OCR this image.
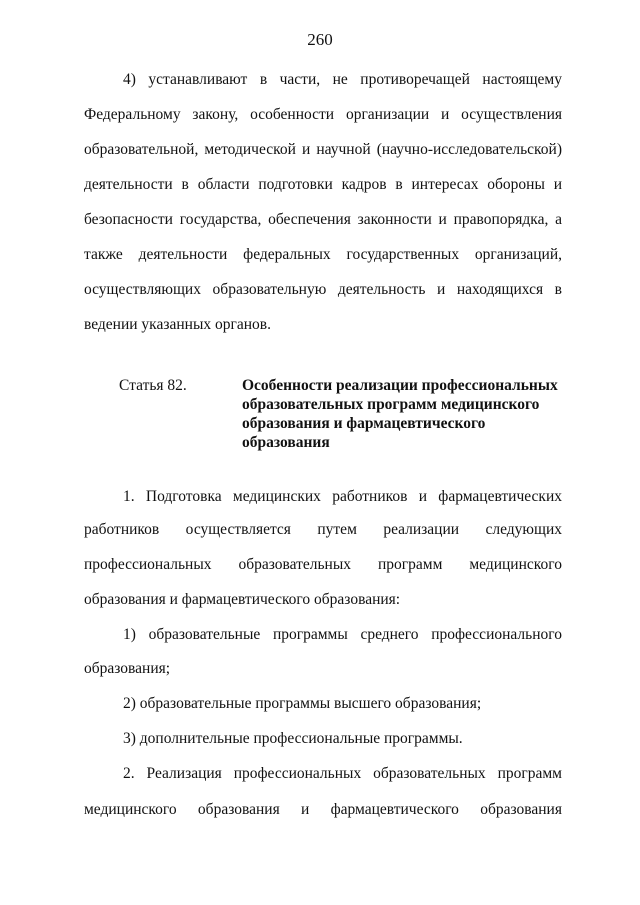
260
4) устанавливают в части, не противоречащей настоящему
Федеральному закону, особенности организации и осуществления
образовательной, методической и научной (научно-исследовательской)
деятельности в области подготовки кадров в интересах обороны и
безопасности государства, обеспечения законности и правопорядка, а
также деятельности федеральных государственных организаций,
осуществляющих образовательную деятельность и находящихся в
ведении указанных органов.
Статья 82.	Особенности реализации профессиональных
образовательных программ медицинского
образования и фармацевтического
образования
1. Подготовка медицинских работников и фармацевтических
работников осуществляется путем реализации следующих
профессиональных образовательных программ медицинского
образования и фармацевтического образования:
1) образовательные программы среднего профессионального
образования;
2) образовательные программы высшего образования;
3) дополнительные профессиональные программы.
2. Реализация профессиональных образовательных программ
медицинского образования и фармацевтического образования
